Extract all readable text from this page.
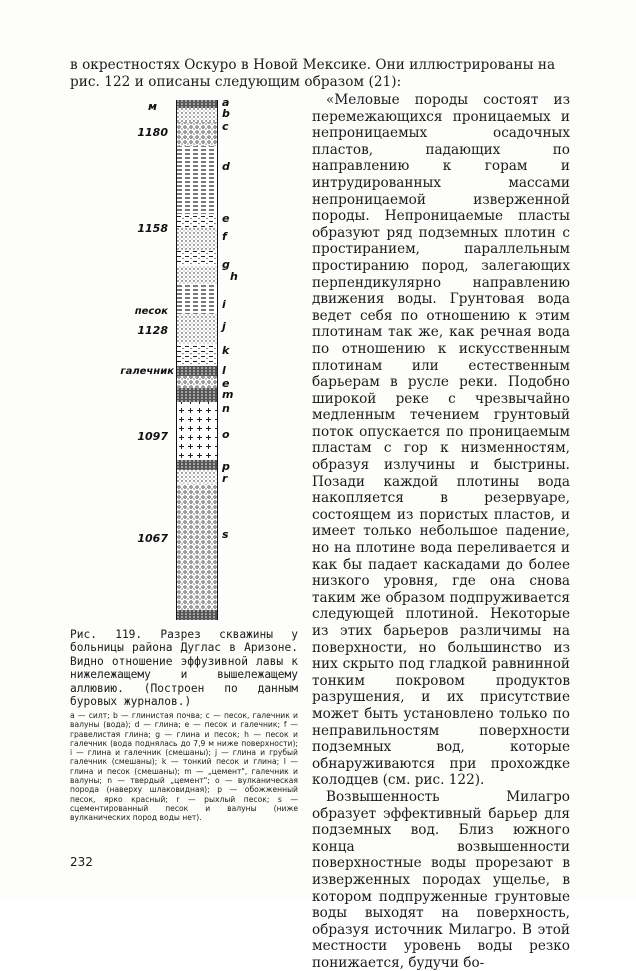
в окрестностях Оскуро в Новой Мексике. Они иллюстрированы на
рис. 122 и описаны следующим образом (21):

«Меловые породы состоят из перемежающихся проницаемых и непроницаемых осадочных пластов, падающих по направлению к горам и интрудированных массами непроницаемой изверженной породы. Непроницаемые пласты образуют ряд подземных плотин с простиранием, параллельным простиранию пород, залегающих перпендикулярно направлению движения воды. Грунтовая вода ведет себя по отношению к этим плотинам так же, как речная вода по отношению к искусственным плотинам или естественным барьерам в русле реки. Подобно широкой реке с чрезвычайно медленным течением грунтовый поток опускается по проницаемым пластам с гор к низменностям, образуя излучины и быстрины. Позади каждой плотины вода накопляется в резервуаре, состоящем из пористых пластов, и имеет только небольшое падение, но на плотине вода переливается и как бы падает каскадами до более низкого уровня, где она снова таким же образом подпруживается следующей плотиной. Некоторые из этих барьеров различимы на поверхности, но большинство из них скрыто под гладкой равнинной тонким покровом продуктов разрушения, и их присутствие может быть установлено только по неправильностям поверхности подземных вод, которые обнаруживаются при прохождке колодцев (см. рис. 122).

Возвышенность Милагро образует эффективный барьер для подземных вод. Близ южного конца возвышенности поверхностные воды прорезают в изверженных породах ущелье, в котором подпруженные грунтовые воды выходят на поверхность, образуя источник Милагро. В этой местности уровень воды резко понижается, будучи бо-

м
1180
1158
1128
1097
1067
песок
галечник
a
b
c
d
e
f
g
h
i
j
k
l
e
m
n
o
p
r
s
Рис. 119. Разрез скважины у больницы района Дуглас в Аризоне. Видно отношение эффузивной лавы к нижележащему и вышележащему аллювию. (Построен по данным буровых журналов.)
a — силт; b — глинистая почва; c — песок, галечник и валуны (вода); d — глина; e — песок и галечник; f — гравелистая глина; g — глина и песок; h — песок и галечник (вода поднялась до 7,9 м ниже поверхности); i — глина и галечник (смешаны); j — глина и грубый галечник (смешаны); k — тонкий песок и глина; l — глина и песок (смешаны); m — „цемент", галечник и валуны; n — твердый „цемент"; o — вулканическая порода (наверху шлаковидная); p — обожженный песок, ярко красный; r — рыхлый песок; s — сцементированный песок и валуны (ниже вулканических пород воды нет).
232
